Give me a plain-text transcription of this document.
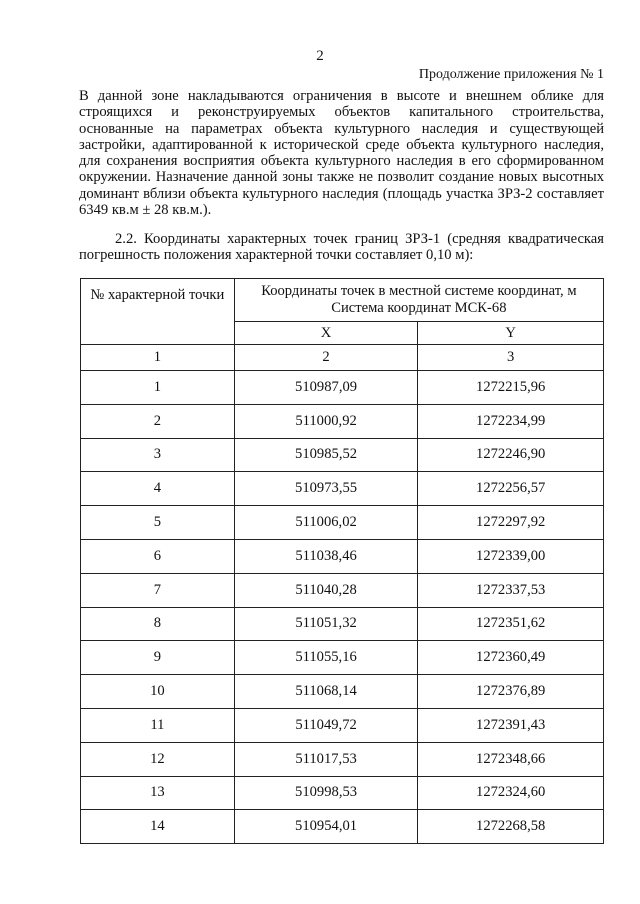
2
Продолжение приложения № 1

В данной зоне накладываются ограничения в высоте и внешнем облике для строящихся и реконструируемых объектов капитального строительства, основанные на параметрах объекта культурного наследия и существующей застройки, адаптированной к исторической среде объекта культурного наследия, для сохранения восприятия объекта культурного наследия в его сформированном окружении. Назначение данной зоны также не позволит создание новых высотных доминант вблизи объекта культурного наследия (площадь участка ЗРЗ-2 составляет 6349 кв.м ± 28 кв.м.).

2.2. Координаты характерных точек границ ЗРЗ-1 (средняя квадратическая погрешность положения характерной точки составляет 0,10 м):

№ характерной точки	Координаты точек в местной системе координат, м
Система координат МСК-68	

	X	Y
1	2	3
1	510987,09	1272215,96
2	511000,92	1272234,99
3	510985,52	1272246,90
4	510973,55	1272256,57
5	511006,02	1272297,92
6	511038,46	1272339,00
7	511040,28	1272337,53
8	511051,32	1272351,62
9	511055,16	1272360,49
10	511068,14	1272376,89
11	511049,72	1272391,43
12	511017,53	1272348,66
13	510998,53	1272324,60
14	510954,01	1272268,58
